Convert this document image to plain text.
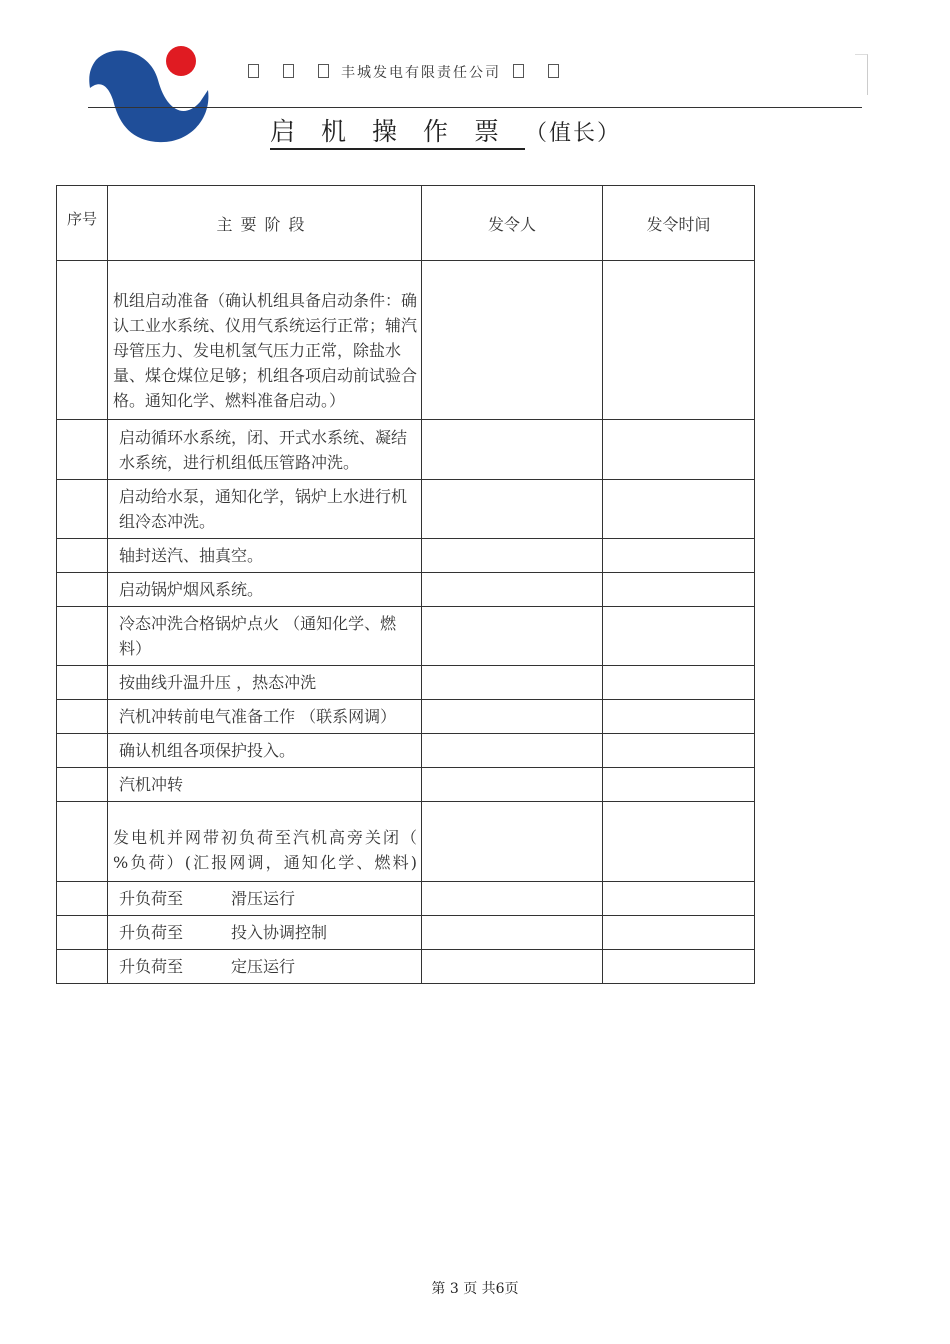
丰城发电有限责任公司
启机操作票（值长）
序号	主要阶段	发令人	发令时间
	机组启动准备（确认机组具备启动条件：确认工业水系统、仪用气系统运行正常；辅汽母管压力、发电机氢气压力正常，除盐水量、煤仓煤位足够；机组各项启动前试验合格。通知化学、燃料准备启动。）		
	启动循环水系统，闭、开式水系统、凝结水系统，进行机组低压管路冲洗。		
	启动给水泵，通知化学，锅炉上水进行机组冷态冲洗。		
	轴封送汽、抽真空。		
	启动锅炉烟风系统。		
	冷态冲洗合格锅炉点火 （通知化学、燃料）		
	按曲线升温升压 ，热态冲洗		
	汽机冲转前电气准备工作 （联系网调）		
	确认机组各项保护投入。		
	汽机冲转		
	发电机并网带初负荷至汽机高旁关闭（ %负荷）(汇报网调，通知化学、燃料)		
	升负荷至　　　滑压运行		
	升负荷至　　　投入协调控制		
	升负荷至　　　定压运行		
第 3 页 共6页
